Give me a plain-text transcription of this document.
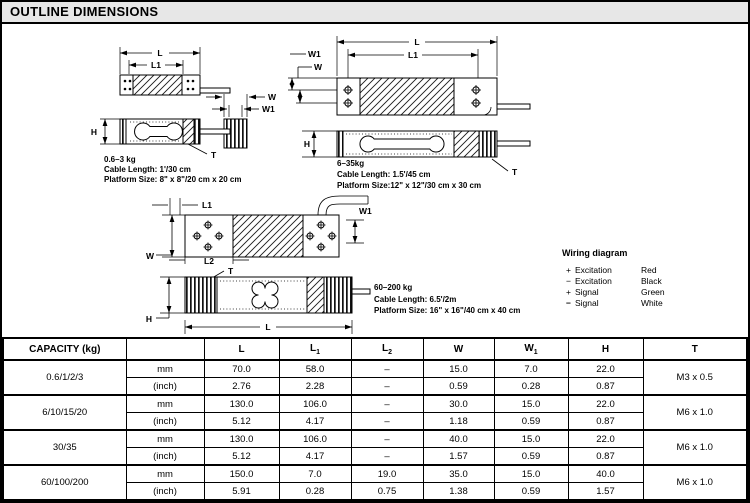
OUTLINE DIMENSIONS
L
L1
W
W1
H
T
0.6–3 kg
Cable Length: 1'/30 cm
Platform Size: 8" x 8"/20 cm x 20 cm
L
L1
W1
W
H
T
6–35kg
Cable Length: 1.5'/45 cm
Platform Size:12" x 12"/30 cm x 30 cm
L1
W1
W	L2
T
H
L
60–200 kg
Cable Length: 6.5'/2m
Platform Size: 16" x 16"/40 cm x 40 cm
Wiring diagram
+ Excitation	Red
− Excitation	Black
+ Signal	Green
− Signal	White
CAPACITY (kg)		L	$L_1$	$L_2$	W	$W_1$	H	T
0.6/1/2/3	mm	70.0	58.0	–	15.0	7.0	22.0	M3 x 0.5
	(inch)	2.76	2.28	–	0.59	0.28	0.87	
6/10/15/20	mm	130.0	106.0	–	30.0	15.0	22.0	M6 x 1.0
	(inch)	5.12	4.17	–	1.18	0.59	0.87	
30/35	mm	130.0	106.0	–	40.0	15.0	22.0	M6 x 1.0
	(inch)	5.12	4.17	–	1.57	0.59	0.87	
60/100/200	mm	150.0	7.0	19.0	35.0	15.0	40.0	M6 x 1.0
	(inch)	5.91	0.28	0.75	1.38	0.59	1.57	
